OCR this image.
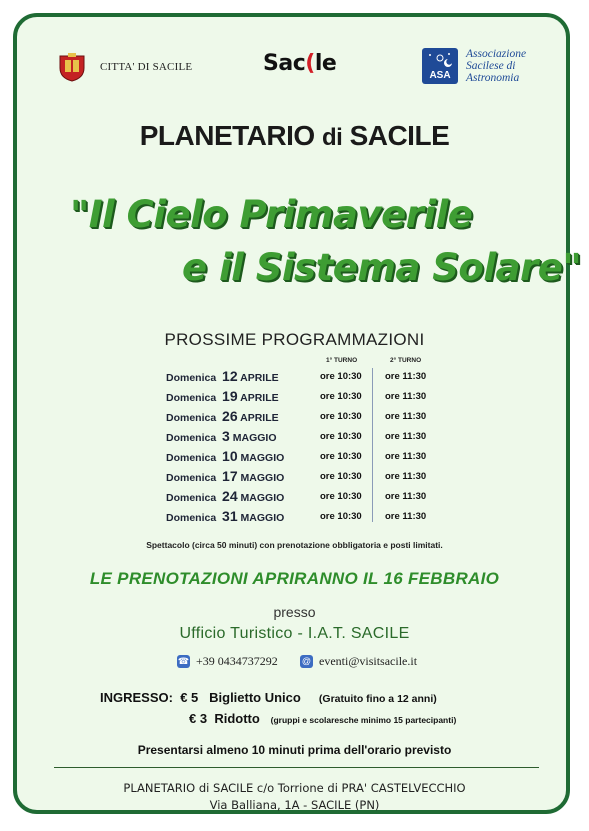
CITTA' DI SACILE	Sac(le	ASA
Associazione
Sacilese di
Astronomia
PLANETARIO di SACILE
"Il Cielo Primaverile
e il Sistema Solare"
PROSSIME PROGRAMMAZIONI
1° TURNO	2° TURNO
Domenica 12 APRILE	ore 10:30 ore 11:30
Domenica 19 APRILE	ore 10:30 ore 11:30
Domenica 26 APRILE	ore 10:30 ore 11:30
Domenica 3 MAGGIO	ore 10:30 ore 11:30
Domenica 10 MAGGIO	ore 10:30 ore 11:30
Domenica 17 MAGGIO	ore 10:30 ore 11:30
Domenica 24 MAGGIO	ore 10:30 ore 11:30
Domenica 31 MAGGIO	ore 10:30 ore 11:30
Spettacolo (circa 50 minuti) con prenotazione obbligatoria e posti limitati.
LE PRENOTAZIONI APRIRANNO IL 16 FEBBRAIO
presso
Ufficio Turistico - I.A.T. SACILE
☎ +39 0434737292	@ eventi@visitsacile.it
INGRESSO: € 5 Biglietto Unico (Gratuito fino a 12 anni)
€ 3 Ridotto (gruppi e scolaresche minimo 15 partecipanti)
Presentarsi almeno 10 minuti prima dell'orario previsto
PLANETARIO di SACILE c/o Torrione di PRA' CASTELVECCHIO
Via Balliana, 1A - SACILE (PN)
